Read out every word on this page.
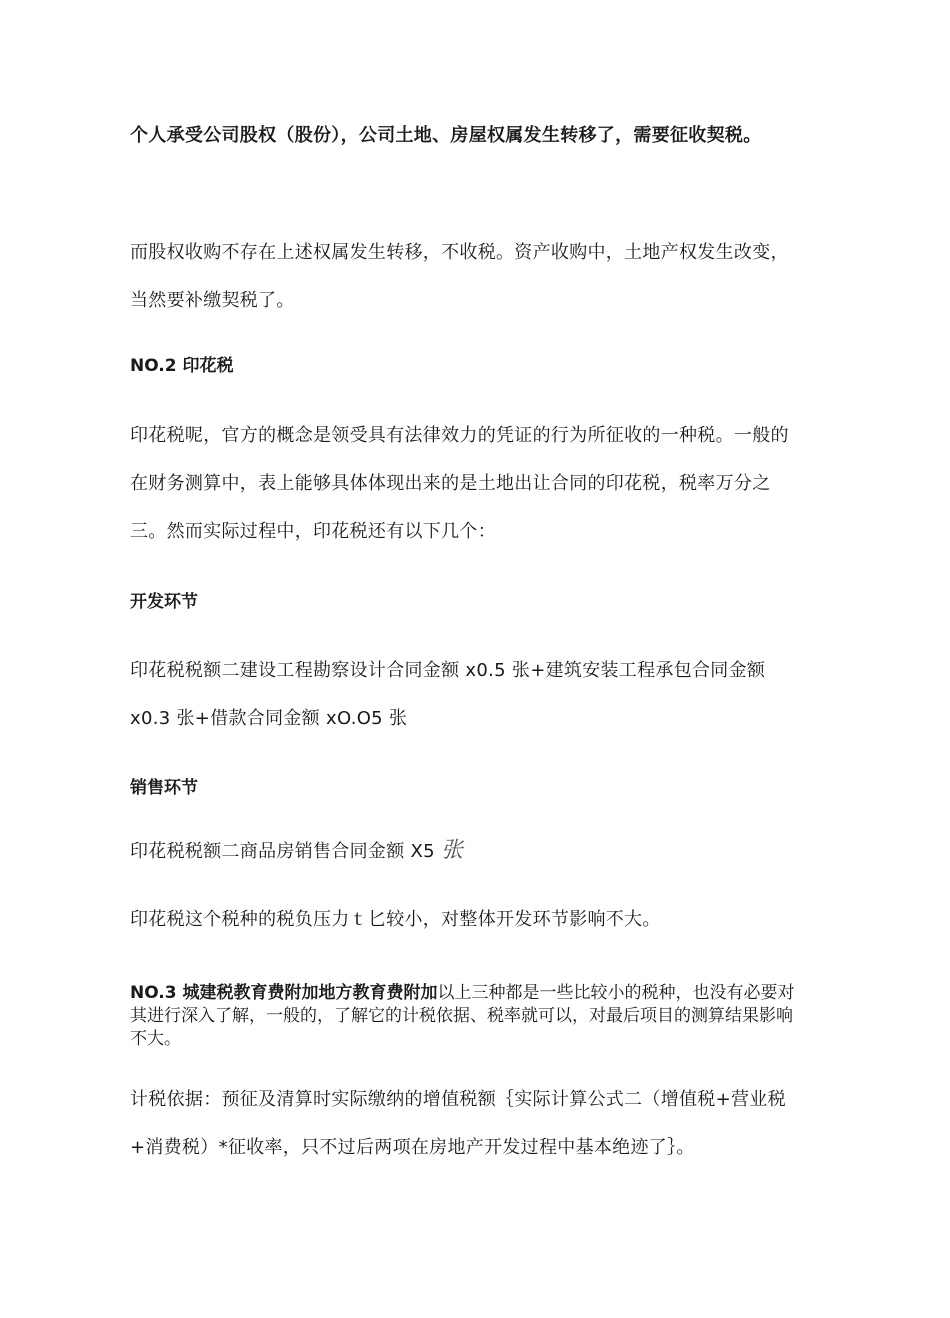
个人承受公司股权（股份），公司土地、房屋权属发生转移了，需要征收契税。

而股权收购不存在上述权属发生转移，不收税。资产收购中，土地产权发生改变，当然要补缴契税了。

NO.2 印花税

印花税呢，官方的概念是领受具有法律效力的凭证的行为所征收的一种税。一般的在财务测算中，表上能够具体体现出来的是土地出让合同的印花税，税率万分之三。然而实际过程中，印花税还有以下几个：

开发环节

印花税税额二建设工程勘察设计合同金额 x0.5 张+建筑安装工程承包合同金额 x0.3 张+借款合同金额 xO.O5 张

销售环节

印花税税额二商品房销售合同金额 X5 张

印花税这个税种的税负压力ｔ匕较小，对整体开发环节影响不大。

NO.3 城建税教育费附加地方教育费附加以上三种都是一些比较小的税种，也没有必要对其进行深入了解，一般的，了解它的计税依据、税率就可以，对最后项目的测算结果影响不大。

计税依据：预征及清算时实际缴纳的增值税额｛实际计算公式二（增值税+营业税+消费税）*征收率，只不过后两项在房地产开发过程中基本绝迹了｝。
